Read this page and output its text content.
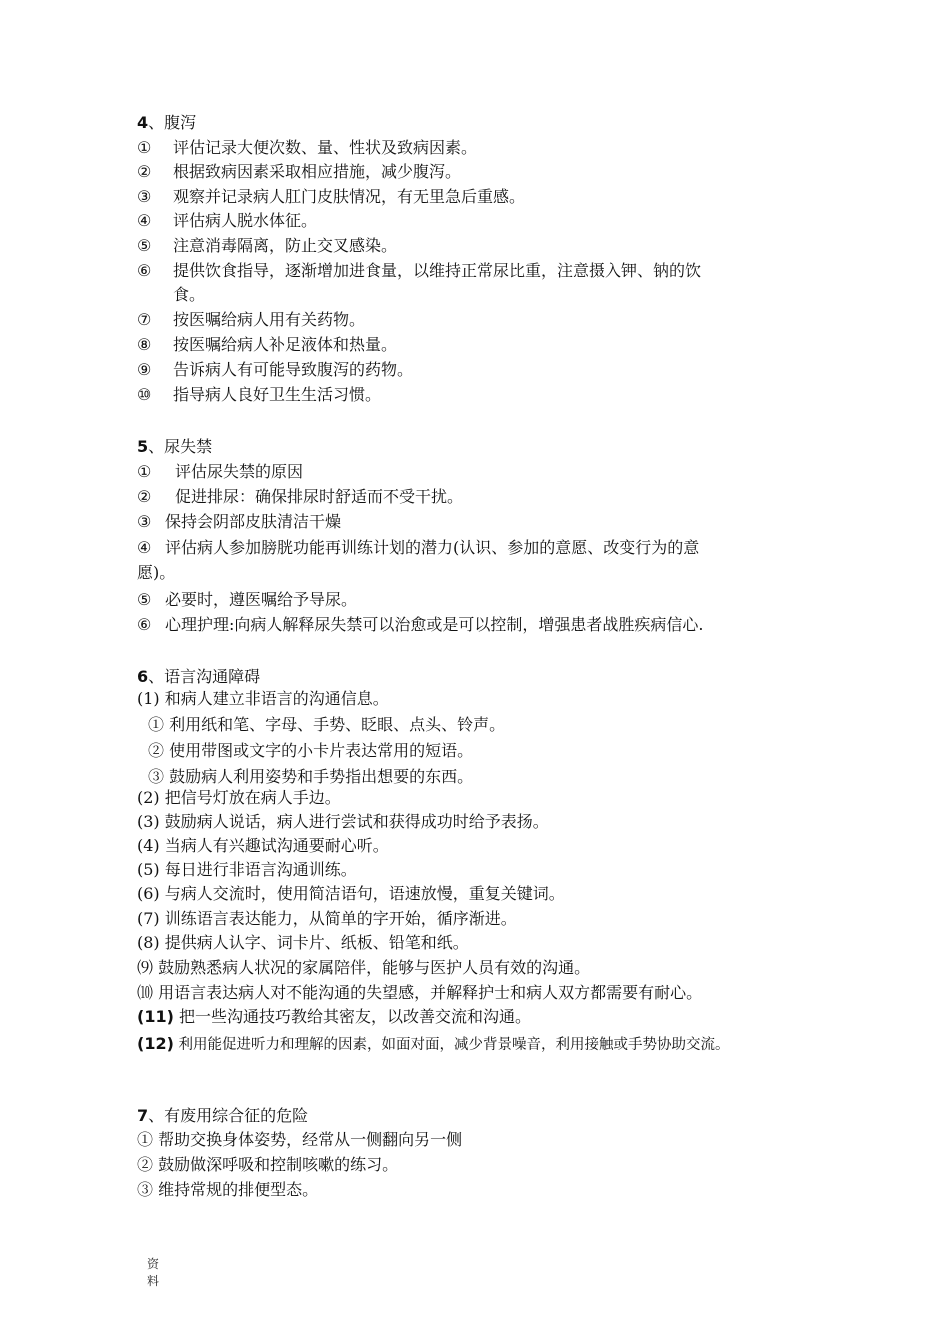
4、腹泻
① 评估记录大便次数、量、性状及致病因素。
② 根据致病因素采取相应措施，减少腹泻。
③ 观察并记录病人肛门皮肤情况，有无里急后重感。
④ 评估病人脱水体征。
⑤ 注意消毒隔离，防止交叉感染。
⑥ 提供饮食指导，逐渐增加进食量，以维持正常尿比重，注意摄入钾、钠的饮
食。
⑦ 按医嘱给病人用有关药物。
⑧ 按医嘱给病人补足液体和热量。
⑨ 告诉病人有可能导致腹泻的药物。
⑩ 指导病人良好卫生生活习惯。
5、尿失禁
① 评估尿失禁的原因
② 促进排尿：确保排尿时舒适而不受干扰。
③ 保持会阴部皮肤清洁干燥
④ 评估病人参加膀胱功能再训练计划的潜力(认识、参加的意愿、改变行为的意
愿)。
⑤ 必要时，遵医嘱给予导尿。
⑥ 心理护理:向病人解释尿失禁可以治愈或是可以控制，增强患者战胜疾病信心.
6、语言沟通障碍
(1) 和病人建立非语言的沟通信息。
① 利用纸和笔、字母、手势、眨眼、点头、铃声。
② 使用带图或文字的小卡片表达常用的短语。
③ 鼓励病人利用姿势和手势指出想要的东西。
(2) 把信号灯放在病人手边。
(3) 鼓励病人说话，病人进行尝试和获得成功时给予表扬。
(4) 当病人有兴趣试沟通要耐心听。
(5) 每日进行非语言沟通训练。
(6) 与病人交流时，使用简洁语句，语速放慢，重复关键词。
(7) 训练语言表达能力，从简单的字开始，循序渐进。
(8) 提供病人认字、词卡片、纸板、铅笔和纸。
⑼ 鼓励熟悉病人状况的家属陪伴，能够与医护人员有效的沟通。
⑽ 用语言表达病人对不能沟通的失望感，并解释护士和病人双方都需要有耐心。
(11) 把一些沟通技巧教给其密友，以改善交流和沟通。
(12) 利用能促进听力和理解的因素，如面对面，减少背景噪音，利用接触或手势协助交流。
7、有废用综合征的危险
① 帮助交换身体姿势，经常从一侧翻向另一侧
② 鼓励做深呼吸和控制咳嗽的练习。
③ 维持常规的排便型态。
资
料
